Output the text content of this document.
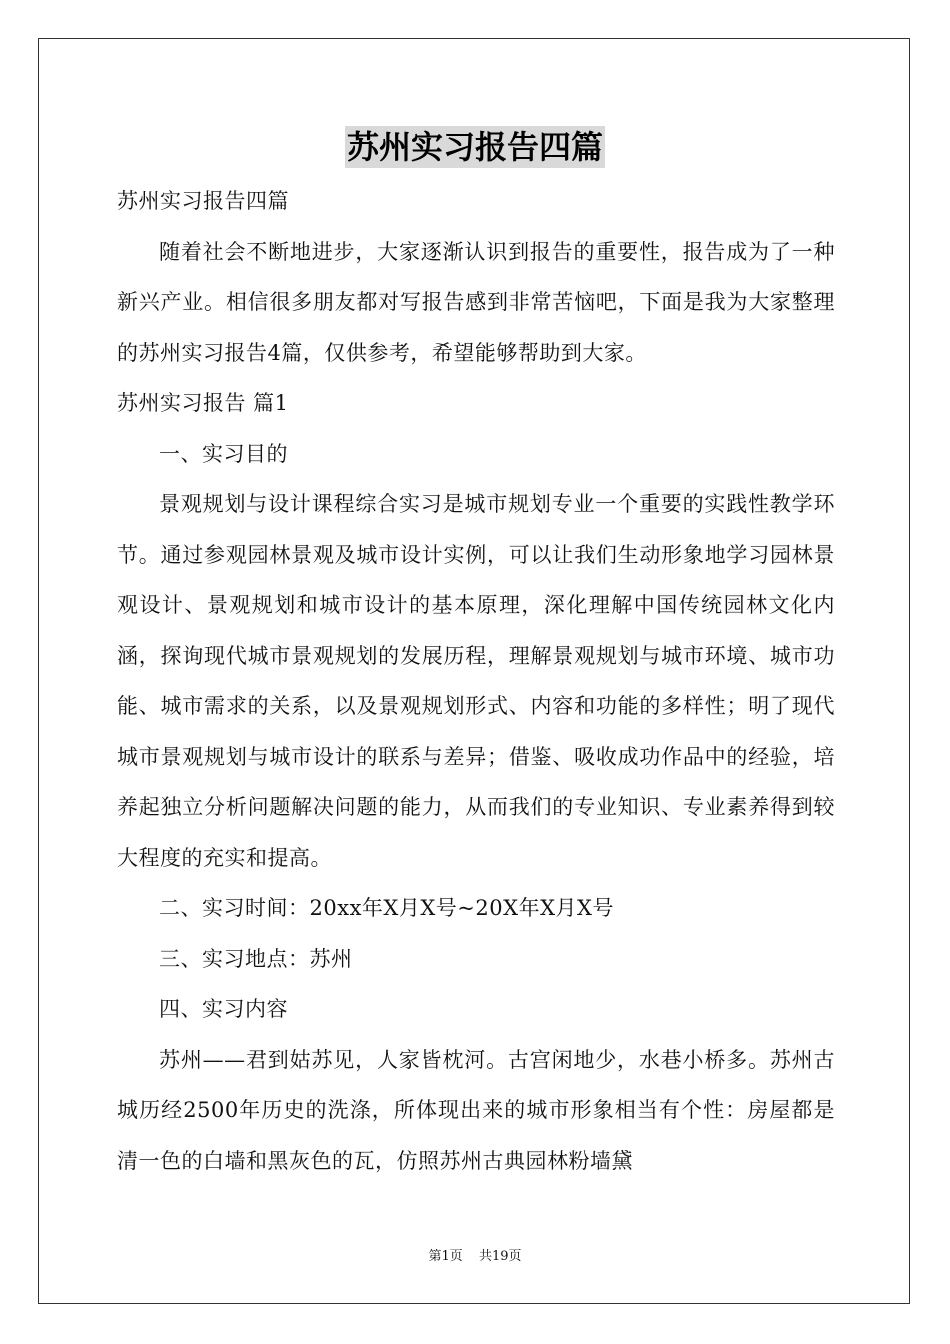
苏州实习报告四篇

苏州实习报告四篇

随着社会不断地进步，大家逐渐认识到报告的重要性，报告成为了一种新兴产业。相信很多朋友都对写报告感到非常苦恼吧，下面是我为大家整理的苏州实习报告4篇，仅供参考，希望能够帮助到大家。

苏州实习报告 篇1

一、实习目的

景观规划与设计课程综合实习是城市规划专业一个重要的实践性教学环节。通过参观园林景观及城市设计实例，可以让我们生动形象地学习园林景观设计、景观规划和城市设计的基本原理，深化理解中国传统园林文化内涵，探询现代城市景观规划的发展历程，理解景观规划与城市环境、城市功能、城市需求的关系，以及景观规划形式、内容和功能的多样性；明了现代城市景观规划与城市设计的联系与差异；借鉴、吸收成功作品中的经验，培养起独立分析问题解决问题的能力，从而我们的专业知识、专业素养得到较大程度的充实和提高。

二、实习时间：20xx年X月X号~20X年X月X号

三、实习地点：苏州

四、实习内容

苏州——君到姑苏见，人家皆枕河。古宫闲地少，水巷小桥多。苏州古城历经2500年历史的洗涤，所体现出来的城市形象相当有个性：房屋都是清一色的白墙和黑灰色的瓦，仿照苏州古典园林粉墙黛

第1页 共19页
